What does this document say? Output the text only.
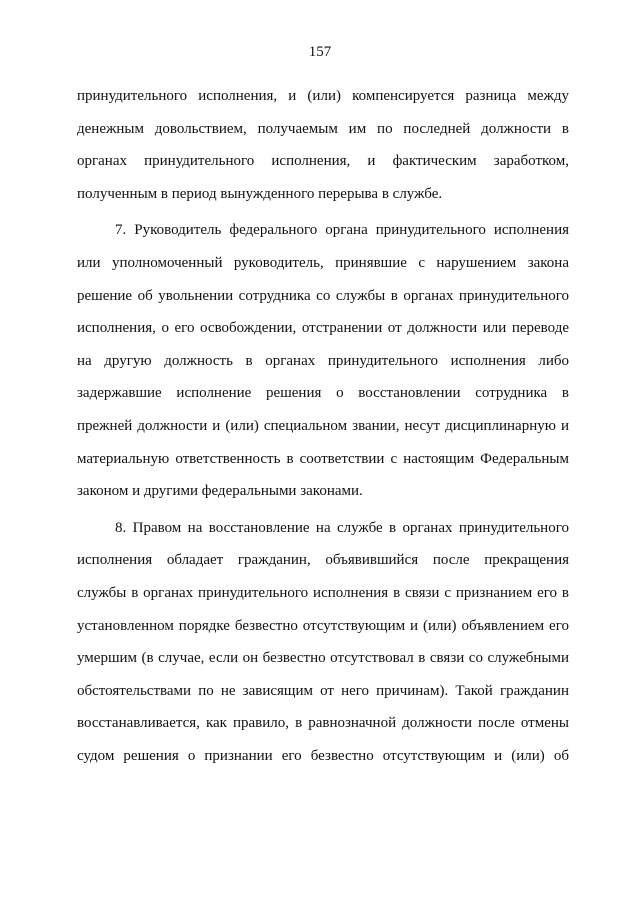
157
принудительного исполнения, и (или) компенсируется разница между
денежным довольствием, получаемым им по последней должности в
органах принудительного исполнения, и фактическим заработком,
полученным в период вынужденного перерыва в службе.
7. Руководитель федерального органа принудительного исполнения
или уполномоченный руководитель, принявшие с нарушением закона
решение об увольнении сотрудника со службы в органах принудительного
исполнения, о его освобождении, отстранении от должности или переводе
на другую должность в органах принудительного исполнения либо
задержавшие исполнение решения о восстановлении сотрудника в
прежней должности и (или) специальном звании, несут дисциплинарную и
материальную ответственность в соответствии с настоящим Федеральным
законом и другими федеральными законами.
8. Правом на восстановление на службе в органах принудительного
исполнения обладает гражданин, объявившийся после прекращения
службы в органах принудительного исполнения в связи с признанием его в
установленном порядке безвестно отсутствующим и (или) объявлением его
умершим (в случае, если он безвестно отсутствовал в связи со служебными
обстоятельствами по не зависящим от него причинам). Такой гражданин
восстанавливается, как правило, в равнозначной должности после отмены
судом решения о признании его безвестно отсутствующим и (или) об
